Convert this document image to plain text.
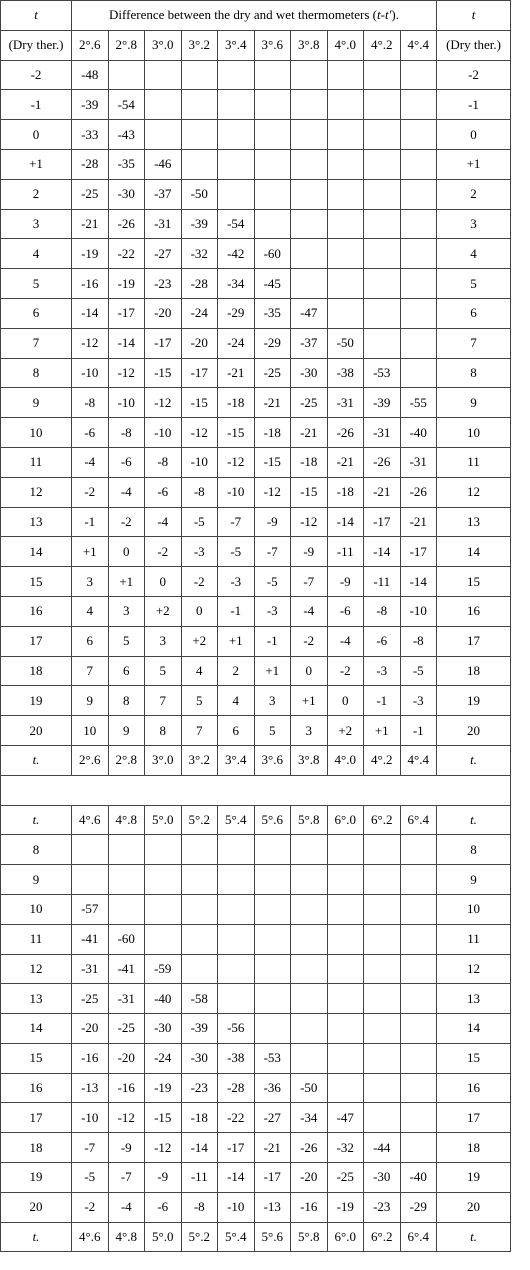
t	Difference between the dry and wet thermometers (t-t').										t
(Dry ther.)	2°.6	2°.8	3°.0	3°.2	3°.4	3°.6	3°.8	4°.0	4°.2	4°.4	(Dry ther.)
-2	-48										-2
-1	-39	-54									-1
0	-33	-43									0
+1	-28	-35	-46								+1
2	-25	-30	-37	-50							2
3	-21	-26	-31	-39	-54						3
4	-19	-22	-27	-32	-42	-60					4
5	-16	-19	-23	-28	-34	-45					5
6	-14	-17	-20	-24	-29	-35	-47				6
7	-12	-14	-17	-20	-24	-29	-37	-50			7
8	-10	-12	-15	-17	-21	-25	-30	-38	-53		8
9	-8	-10	-12	-15	-18	-21	-25	-31	-39	-55	9
10	-6	-8	-10	-12	-15	-18	-21	-26	-31	-40	10
11	-4	-6	-8	-10	-12	-15	-18	-21	-26	-31	11
12	-2	-4	-6	-8	-10	-12	-15	-18	-21	-26	12
13	-1	-2	-4	-5	-7	-9	-12	-14	-17	-21	13
14	+1	0	-2	-3	-5	-7	-9	-11	-14	-17	14
15	3	+1	0	-2	-3	-5	-7	-9	-11	-14	15
16	4	3	+2	0	-1	-3	-4	-6	-8	-10	16
17	6	5	3	+2	+1	-1	-2	-4	-6	-8	17
18	7	6	5	4	2	+1	0	-2	-3	-5	18
19	9	8	7	5	4	3	+1	0	-1	-3	19
20	10	9	8	7	6	5	3	+2	+1	-1	20
t.	2°.6	2°.8	3°.0	3°.2	3°.4	3°.6	3°.8	4°.0	4°.2	4°.4	t.

t.	4°.6	4°.8	5°.0	5°.2	5°.4	5°.6	5°.8	6°.0	6°.2	6°.4	t.
8											8
9											9
10	-57										10
11	-41	-60									11
12	-31	-41	-59								12
13	-25	-31	-40	-58							13
14	-20	-25	-30	-39	-56						14
15	-16	-20	-24	-30	-38	-53					15
16	-13	-16	-19	-23	-28	-36	-50				16
17	-10	-12	-15	-18	-22	-27	-34	-47			17
18	-7	-9	-12	-14	-17	-21	-26	-32	-44		18
19	-5	-7	-9	-11	-14	-17	-20	-25	-30	-40	19
20	-2	-4	-6	-8	-10	-13	-16	-19	-23	-29	20
t.	4°.6	4°.8	5°.0	5°.2	5°.4	5°.6	5°.8	6°.0	6°.2	6°.4	t.
